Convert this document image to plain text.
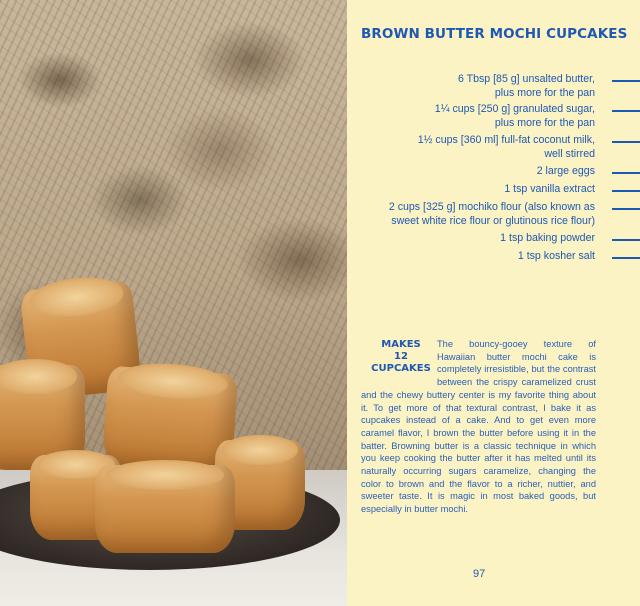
BROWN BUTTER MOCHI CUPCAKES
6 Tbsp [85 g] unsalted butter,
plus more for the pan
1¼ cups [250 g] granulated sugar,
plus more for the pan
1½ cups [360 ml] full-fat coconut milk,
well stirred
2 large eggs
1 tsp vanilla extract
2 cups [325 g] mochiko flour (also known as
sweet white rice flour or glutinous rice flour)
1 tsp baking powder
1 tsp kosher salt
The bouncy-gooey texture of Hawaiian butter mochi cake is completely irresistible, but the contrast between the crispy caramelized crust and the chewy buttery center is my favorite thing about it. To get more of that textural contrast, I bake it as cupcakes instead of a cake. And to get even more caramel flavor, I brown the butter before using it in the batter. Browning butter is a classic technique in which you keep cooking the butter after it has melted until its naturally occurring sugars caramelize, changing the color to brown and the flavor to a richer, nuttier, and sweeter taste. It is magic in most baked goods, but especially in butter mochi.
MAKES
12
CUPCAKES
97
